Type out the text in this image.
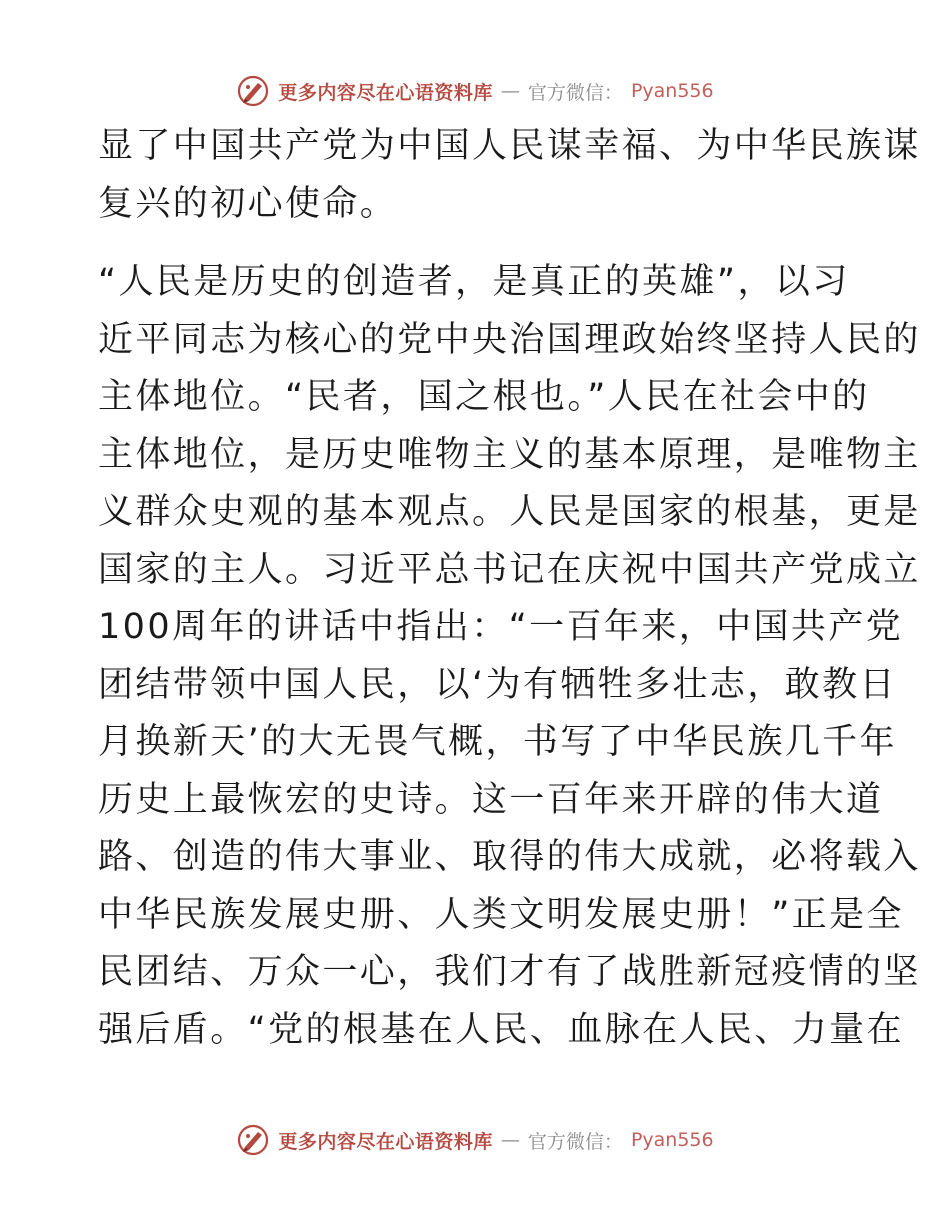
更多内容尽在心语资料库 — 官方微信： Pyan556
显了中国共产党为中国人民谋幸福、为中华民族谋
复兴的初心使命。
“人民是历史的创造者，是真正的英雄”，以习
近平同志为核心的党中央治国理政始终坚持人民的
主体地位。“民者，国之根也。”人民在社会中的
主体地位，是历史唯物主义的基本原理，是唯物主
义群众史观的基本观点。人民是国家的根基，更是
国家的主人。习近平总书记在庆祝中国共产党成立
100周年的讲话中指出：“一百年来，中国共产党
团结带领中国人民，以‘为有牺牲多壮志，敢教日
月换新天’的大无畏气概，书写了中华民族几千年
历史上最恢宏的史诗。这一百年来开辟的伟大道
路、创造的伟大事业、取得的伟大成就，必将载入
中华民族发展史册、人类文明发展史册！”正是全
民团结、万众一心，我们才有了战胜新冠疫情的坚
强后盾。“党的根基在人民、血脉在人民、力量在
更多内容尽在心语资料库 — 官方微信： Pyan556
